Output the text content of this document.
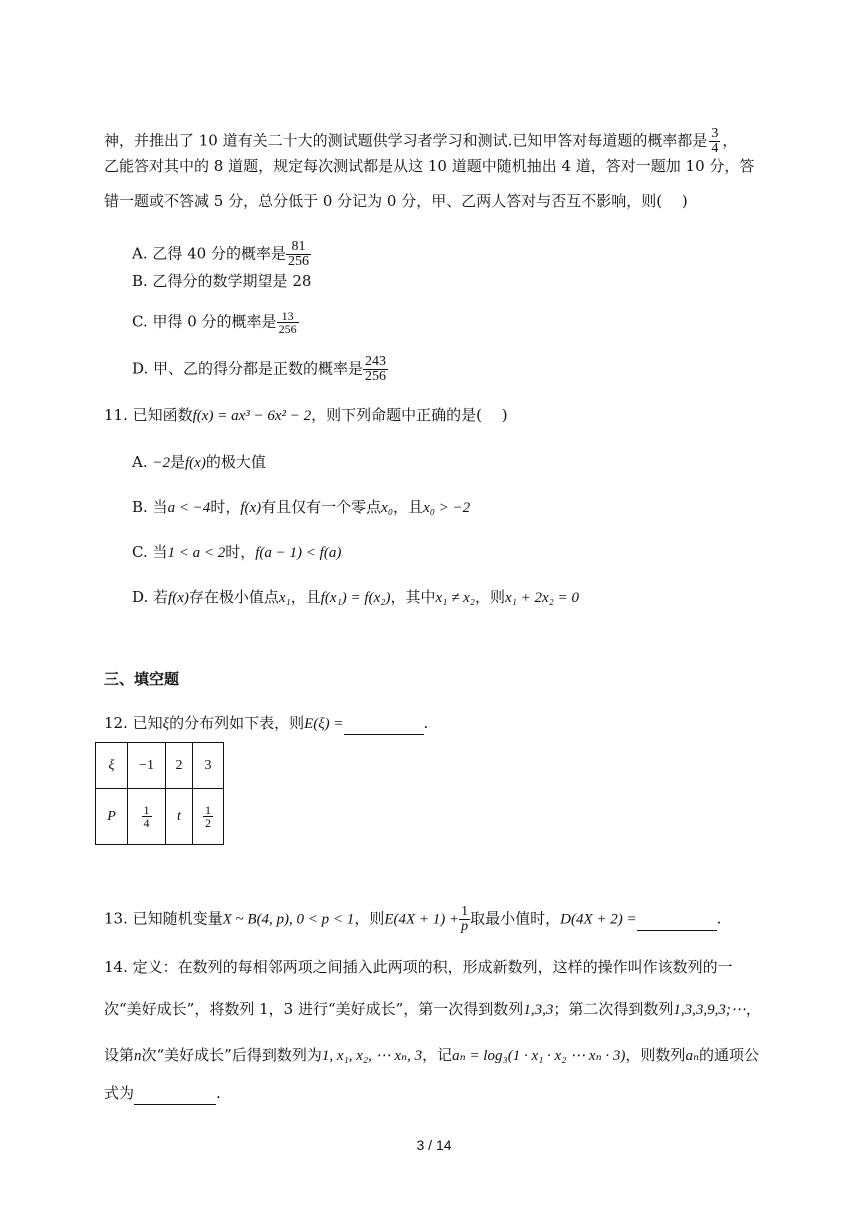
神，并推出了 10 道有关二十大的测试题供学习者学习和测试.已知甲答对每道题的概率都是 $\frac{3}{4}$ ，
乙能答对其中的 8 道题，规定每次测试都是从这 10 道题中随机抽出 4 道，答对一题加 10 分，答
错一题或不答减 5 分，总分低于 0 分记为 0 分，甲、乙两人答对与否互不影响，则(　 )
A. 乙得 40 分的概率是 $\frac{81}{256}$
B. 乙得分的数学期望是 28
C. 甲得 0 分的概率是 $\frac{13}{256}$
D. 甲、乙的得分都是正数的概率是 $\frac{243}{256}$
11. 已知函数f(x) = ax³ − 6x² − 2，则下列命题中正确的是(　 )
A. −2是f(x)的极大值
B. 当a < −4时，f(x)有且仅有一个零点x₀，且x₀ > −2
C. 当1 < a < 2时，f(a − 1) < f(a)
D. 若f(x)存在极小值点x₁，且f(x₁) = f(x₂)，其中x₁ ≠ x₂，则x₁ + 2x₂ = 0
三、填空题
12. 已知ξ的分布列如下表，则E(ξ) =	.
ξ	−1	2	3
P	$\frac{1}{4}$	t	$\frac{1}{2}$
13. 已知随机变量X ~ B(4, p), 0 < p < 1，则$E(4X + 1) + \frac{1}{p}$ 取最小值时，D(4X + 2) =	.
14. 定义：在数列的每相邻两项之间插入此两项的积，形成新数列，这样的操作叫作该数列的一
次“美好成长”，将数列 1，3 进行“美好成长”，第一次得到数列1,3,3；第二次得到数列1,3,3,9,3;⋯，
设第n次“美好成长”后得到数列为1, x₁, x₂, ⋯ xₙ, 3，记aₙ = log₃(1 · x₁ · x₂ ⋯ xₙ · 3)，则数列aₙ的通项公
式为	.
3 / 14
